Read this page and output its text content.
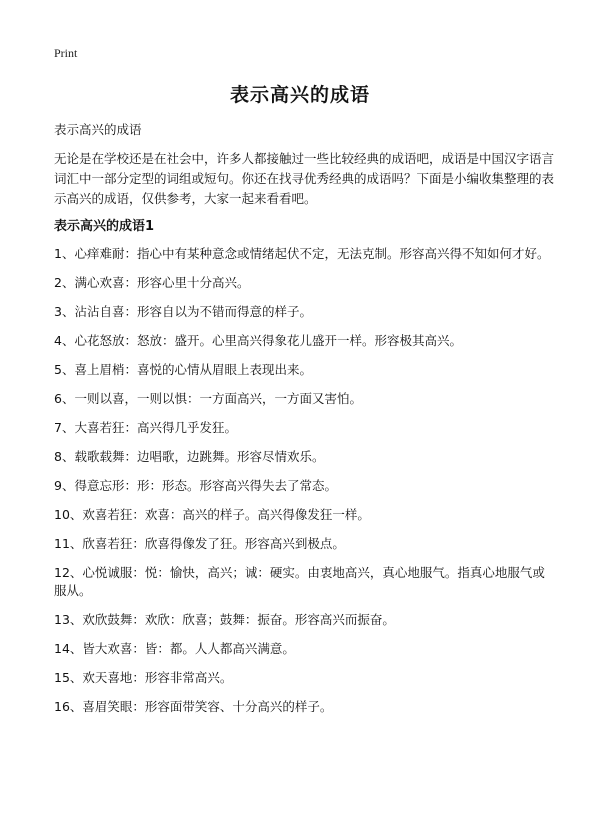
Print
表示高兴的成语

表示高兴的成语

无论是在学校还是在社会中，许多人都接触过一些比较经典的成语吧，成语是中国汉字语言词汇中一部分定型的词组或短句。你还在找寻优秀经典的成语吗？下面是小编收集整理的表示高兴的成语，仅供参考，大家一起来看看吧。

表示高兴的成语1
1、心痒难耐：指心中有某种意念或情绪起伏不定，无法克制。形容高兴得不知如何才好。
2、满心欢喜：形容心里十分高兴。
3、沾沾自喜：形容自以为不错而得意的样子。
4、心花怒放：怒放：盛开。心里高兴得象花儿盛开一样。形容极其高兴。
5、喜上眉梢：喜悦的心情从眉眼上表现出来。
6、一则以喜，一则以惧：一方面高兴，一方面又害怕。
7、大喜若狂：高兴得几乎发狂。
8、载歌载舞：边唱歌，边跳舞。形容尽情欢乐。
9、得意忘形：形：形态。形容高兴得失去了常态。
10、欢喜若狂：欢喜：高兴的样子。高兴得像发狂一样。
11、欣喜若狂：欣喜得像发了狂。形容高兴到极点。
12、心悦诚服：悦：愉快，高兴；诚：硬实。由衷地高兴，真心地服气。指真心地服气或服从。
13、欢欣鼓舞：欢欣：欣喜；鼓舞：振奋。形容高兴而振奋。
14、皆大欢喜：皆：都。人人都高兴满意。
15、欢天喜地：形容非常高兴。
16、喜眉笑眼：形容面带笑容、十分高兴的样子。
